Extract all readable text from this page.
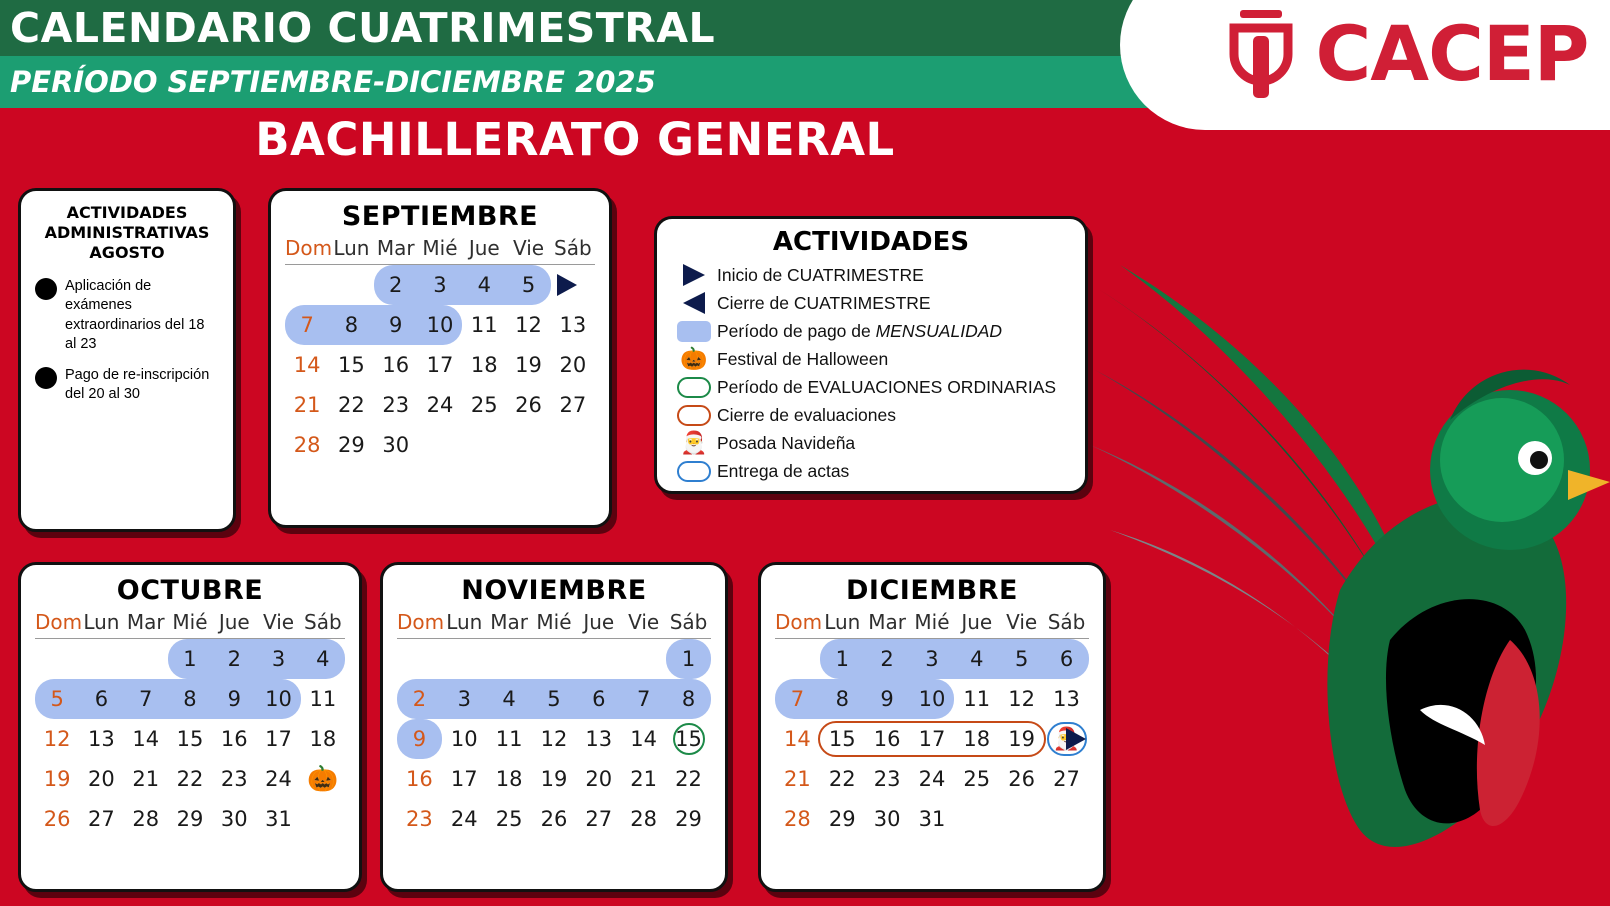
CALENDARIO CUATRIMESTRAL
PERÍODO SEPTIEMBRE-DICIEMBRE 2025	CACEP
BACHILLERATO GENERAL
ACTIVIDADES ADMINISTRATIVAS AGOSTO
Aplicación de exámenes extraordinarios del 18 al 23
Pago de re-inscripción del 20 al 30
ACTIVIDADES
Inicio de CUATRIMESTRE
Cierre de CUATRIMESTRE
Período de pago de MENSUALIDAD
🎃 Festival de Halloween
Período de EVALUACIONES ORDINARIAS
Cierre de evaluaciones
🎅 Posada Navideña
Entrega de actas
SEPTIEMBRE
Dom	Lun	Mar	Mié	Jue	Vie	Sáb

		2	3	4	5	

7	8	9	10	11	12	13

14	15	16	17	18	19	20

21	22	23	24	25	26	27

28	29	30				

OCTUBRE
Dom	Lun	Mar	Mié	Jue	Vie	Sáb

			1	2	3	4

5	6	7	8	9	10	11

12	13	14	15	16	17	18

19	20	21	22	23	24	🎃

26	27	28	29	30	31	

NOVIEMBRE
Dom	Lun	Mar	Mié	Jue	Vie	Sáb

						1

2	3	4	5	6	7	8

9	10	11	12	13	14	15

16	17	18	19	20	21	22

23	24	25	26	27	28	29
DICIEMBRE
Dom	Lun	Mar	Mié	Jue	Vie	Sáb

	1	2	3	4	5	6

7	8	9	10	11	12	13

14	15	16	17	18	19	🎅

21	22	23	24	25	26	27

28	29	30	31			
